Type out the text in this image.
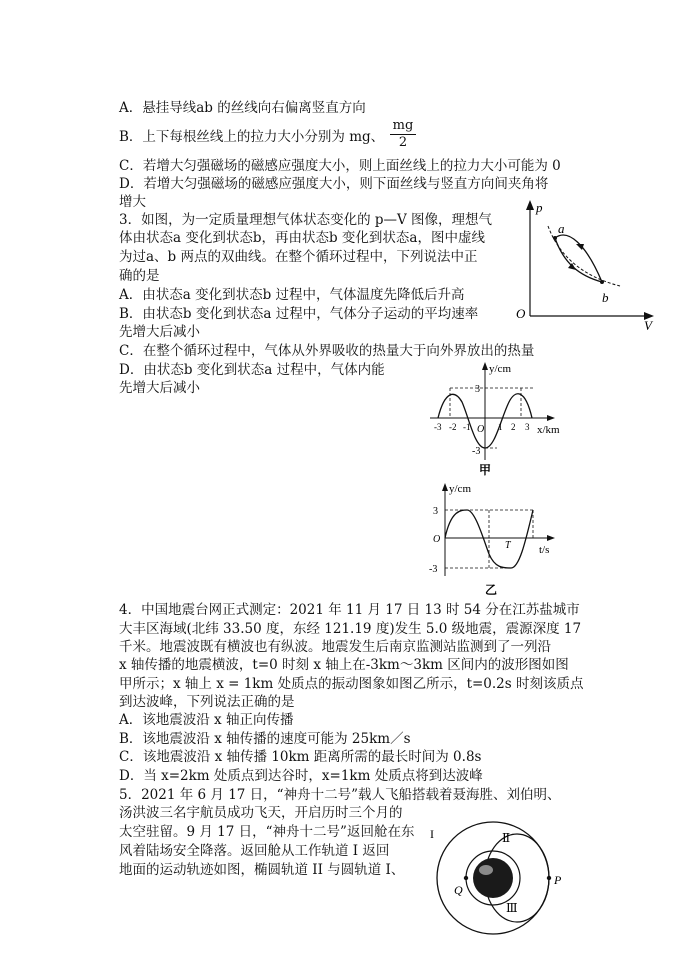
A．悬挂导线ab 的丝线向右偏离竖直方向
B．上下每根丝线上的拉力大小分别为 mg、 $\frac{mg}{2}$
C．若增大匀强磁场的磁感应强度大小，则上面丝线上的拉力大小可能为 0
D．若增大匀强磁场的磁感应强度大小，则下面丝线与竖直方向间夹角将
增大
3．如图，为一定质量理想气体状态变化的 p—V 图像，理想气
体由状态a 变化到状态b，再由状态b 变化到状态a，图中虚线
为过a、b 两点的双曲线。在整个循环过程中，下列说法中正
确的是
A．由状态a 变化到状态b 过程中，气体温度先降低后升高
B．由状态b 变化到状态a 过程中，气体分子运动的平均速率
先增大后减小
C．在整个循环过程中，气体从外界吸收的热量大于向外界放出的热量
D．由状态b 变化到状态a 过程中，气体内能
先增大后减小
p
O
V
a
b
y/cm
x/km
3
-3
O
-3 -2 -1	1 2 3
甲
y/cm
t/s
3
-3
O
T
乙
4．中国地震台网正式测定：2021 年 11 月 17 日 13 时 54 分在江苏盐城市
大丰区海域(北纬 33.50 度，东经 121.19 度)发生 5.0 级地震，震源深度 17
千米。地震波既有横波也有纵波。地震发生后南京监测站监测到了一列沿
x 轴传播的地震横波，t=0 时刻 x 轴上在-3km～3km 区间内的波形图如图
甲所示；x 轴上 x = 1km 处质点的振动图象如图乙所示，t=0.2s 时刻该质点
到达波峰，下列说法正确的是
A．该地震波沿 x 轴正向传播
B．该地震波沿 x 轴传播的速度可能为 25km／s
C．该地震波沿 x 轴传播 10km 距离所需的最长时间为 0.8s
D．当 x=2km 处质点到达谷时，x=1km 处质点将到达波峰
5．2021 年 6 月 17 日，“神舟十二号”载人飞船搭载着聂海胜、刘伯明、
汤洪波三名宇航员成功飞天，开启历时三个月的
太空驻留。9 月 17 日，“神舟十二号”返回舱在东
风着陆场安全降落。返回舱从工作轨道 I 返回
地面的运动轨迹如图，椭圆轨道 II 与圆轨道 I、
I	Ⅱ
Ⅲ
Q
P
